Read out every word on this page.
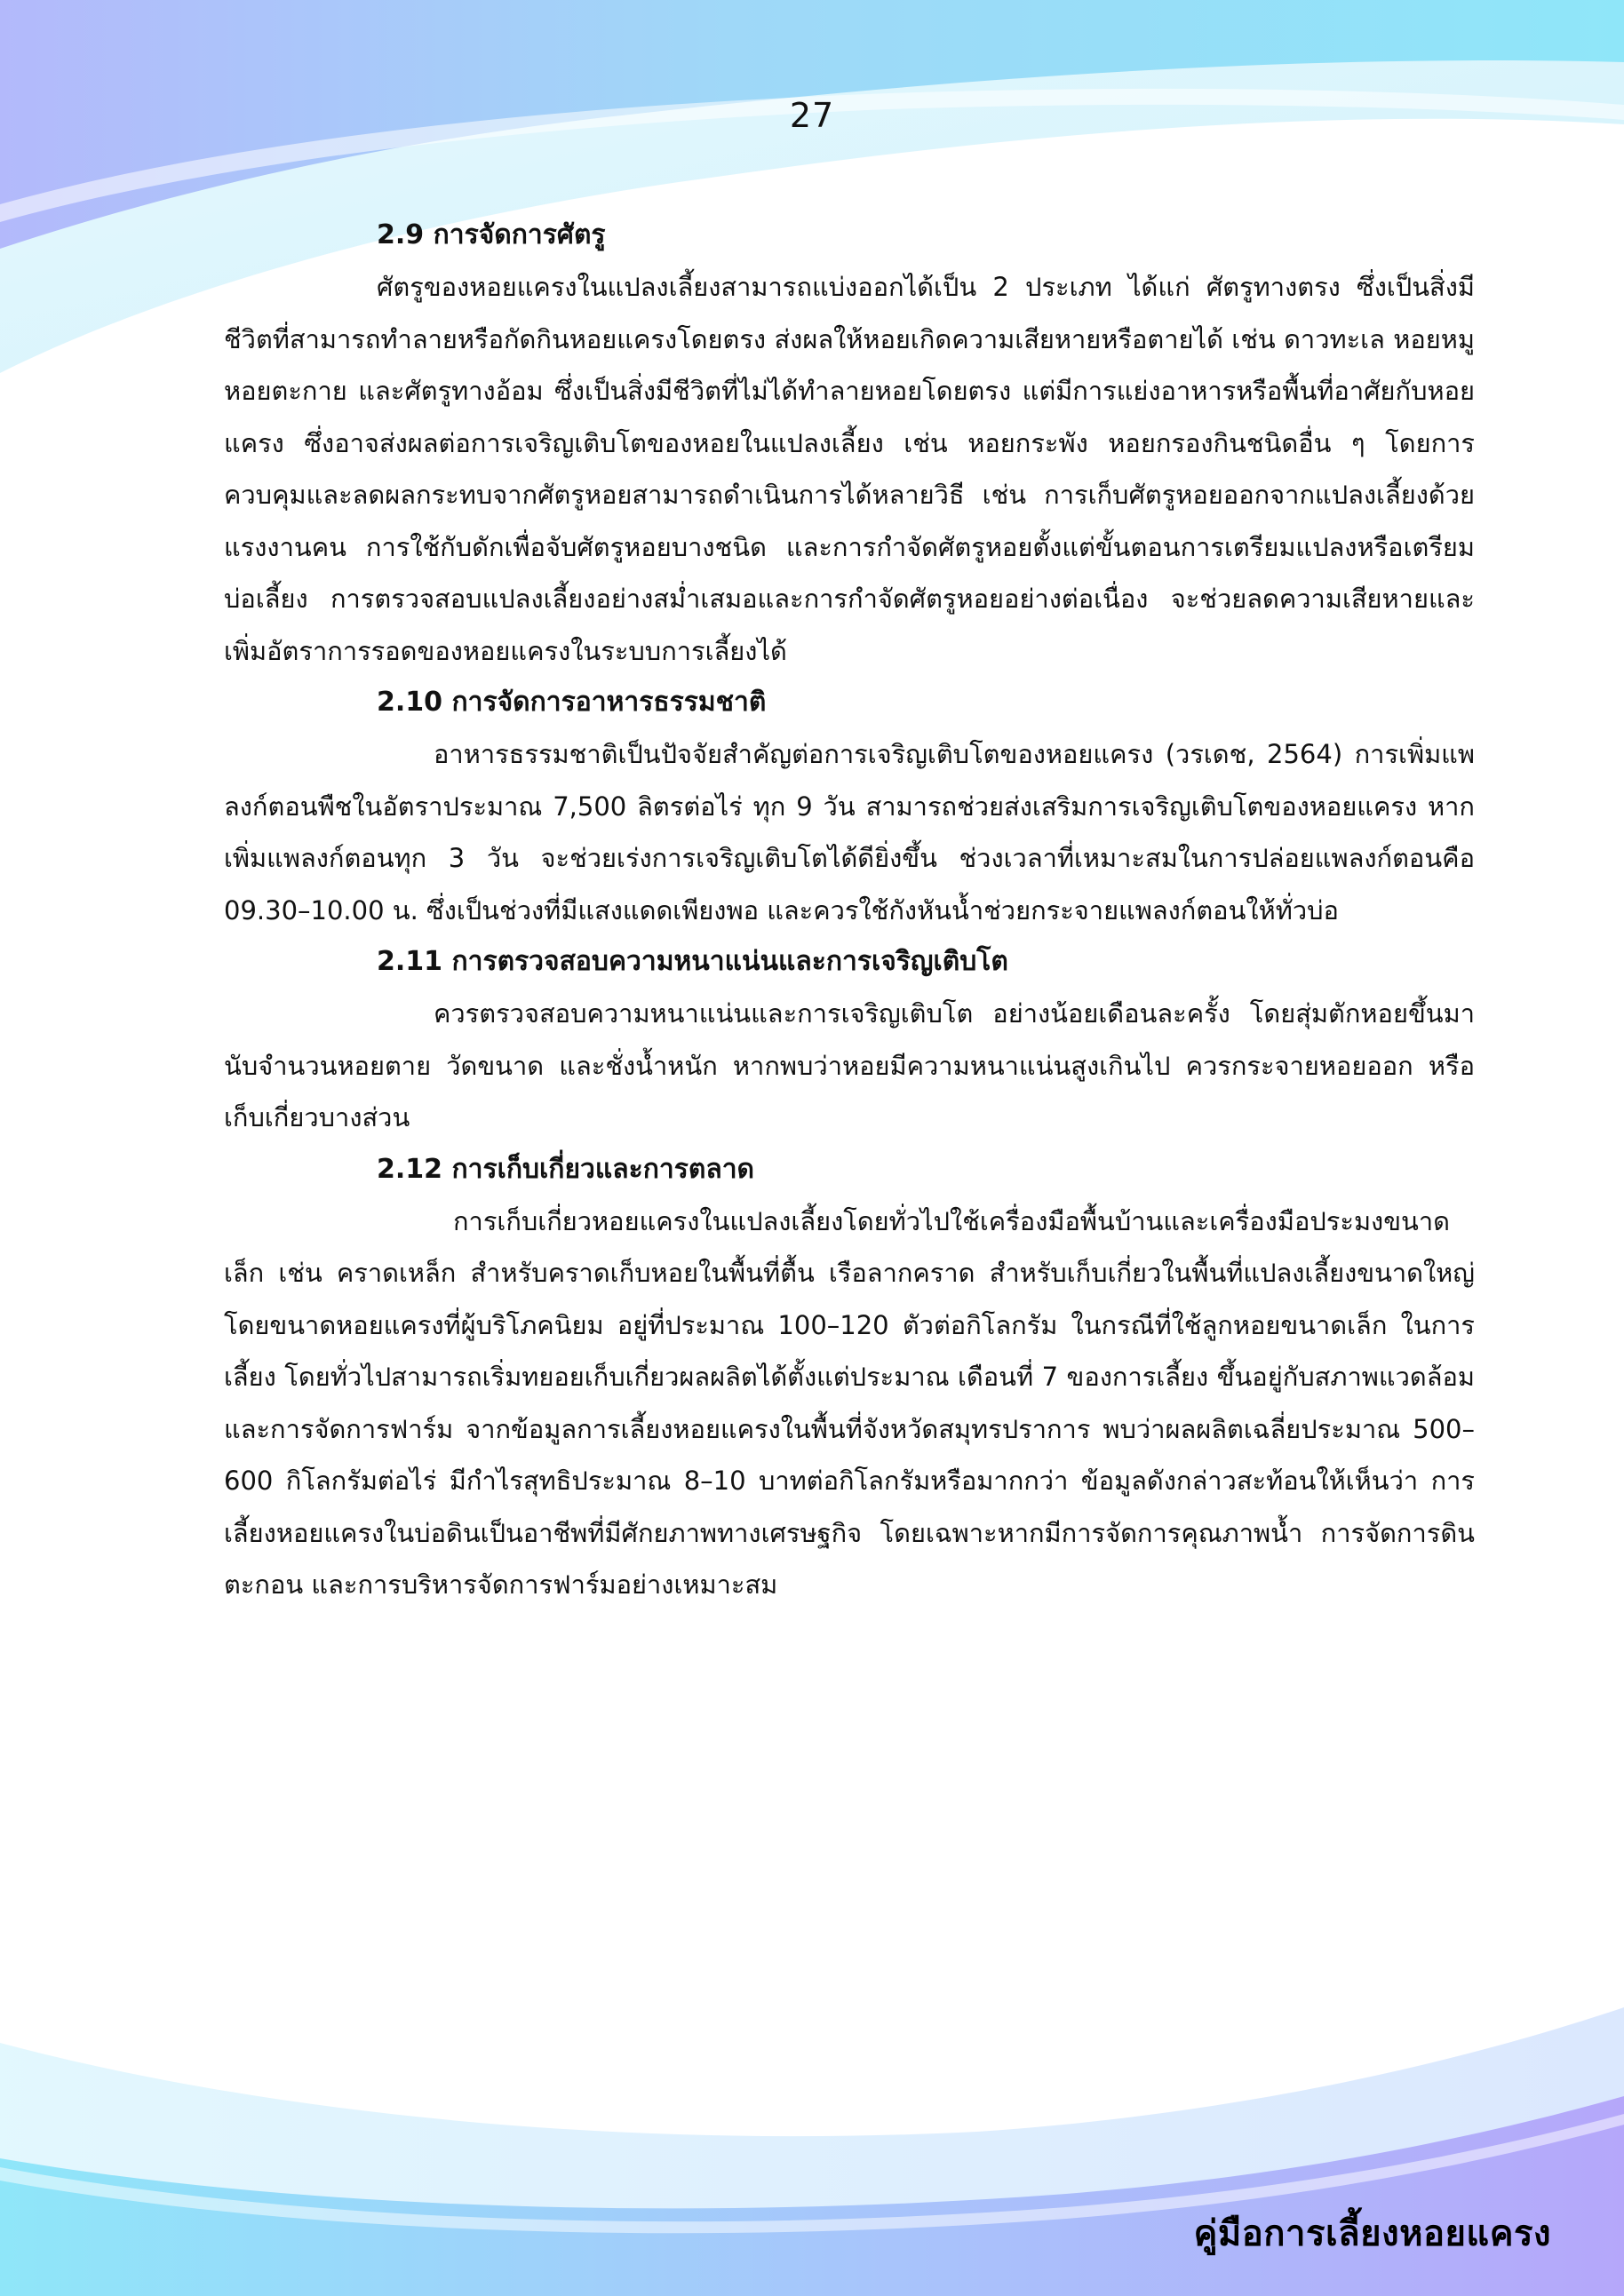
27

2.9 การจัดการศัตรู

ศัตรูของหอยแครงในแปลงเลี้ยงสามารถแบ่งออกได้เป็น 2 ประเภท ได้แก่ ศัตรูทางตรง ซึ่งเป็นสิ่งมีชีวิตที่สามารถทำลายหรือกัดกินหอยแครงโดยตรง ส่งผลให้หอยเกิดความเสียหายหรือตายได้ เช่น ดาวทะเล หอยหมู หอยตะกาย และศัตรูทางอ้อม ซึ่งเป็นสิ่งมีชีวิตที่ไม่ได้ทำลายหอยโดยตรง แต่มีการแย่งอาหารหรือพื้นที่อาศัยกับหอยแครง ซึ่งอาจส่งผลต่อการเจริญเติบโตของหอยในแปลงเลี้ยง เช่น หอยกระพัง หอยกรองกินชนิดอื่น ๆ โดยการควบคุมและลดผลกระทบจากศัตรูหอยสามารถดำเนินการได้หลายวิธี เช่น การเก็บศัตรูหอยออกจากแปลงเลี้ยงด้วยแรงงานคน การใช้กับดักเพื่อจับศัตรูหอยบางชนิด และการกำจัดศัตรูหอยตั้งแต่ขั้นตอนการเตรียมแปลงหรือเตรียมบ่อเลี้ยง การตรวจสอบแปลงเลี้ยงอย่างสม่ำเสมอและการกำจัดศัตรูหอยอย่างต่อเนื่อง จะช่วยลดความเสียหายและเพิ่มอัตราการรอดของหอยแครงในระบบการเลี้ยงได้

2.10 การจัดการอาหารธรรมชาติ

อาหารธรรมชาติเป็นปัจจัยสำคัญต่อการเจริญเติบโตของหอยแครง (วรเดช, 2564) การเพิ่มแพลงก์ตอนพืชในอัตราประมาณ 7,500 ลิตรต่อไร่ ทุก 9 วัน สามารถช่วยส่งเสริมการเจริญเติบโตของหอยแครง หากเพิ่มแพลงก์ตอนทุก 3 วัน จะช่วยเร่งการเจริญเติบโตได้ดียิ่งขึ้น ช่วงเวลาที่เหมาะสมในการปล่อยแพลงก์ตอนคือ 09.30–10.00 น. ซึ่งเป็นช่วงที่มีแสงแดดเพียงพอ และควรใช้กังหันน้ำช่วยกระจายแพลงก์ตอนให้ทั่วบ่อ

2.11 การตรวจสอบความหนาแน่นและการเจริญเติบโต

ควรตรวจสอบความหนาแน่นและการเจริญเติบโต อย่างน้อยเดือนละครั้ง โดยสุ่มตักหอยขึ้นมานับจำนวนหอยตาย วัดขนาด และชั่งน้ำหนัก หากพบว่าหอยมีความหนาแน่นสูงเกินไป ควรกระจายหอยออก หรือเก็บเกี่ยวบางส่วน

2.12 การเก็บเกี่ยวและการตลาด

การเก็บเกี่ยวหอยแครงในแปลงเลี้ยงโดยทั่วไปใช้เครื่องมือพื้นบ้านและเครื่องมือประมงขนาดเล็ก เช่น คราดเหล็ก สำหรับคราดเก็บหอยในพื้นที่ตื้น เรือลากคราด สำหรับเก็บเกี่ยวในพื้นที่แปลงเลี้ยงขนาดใหญ่ โดยขนาดหอยแครงที่ผู้บริโภคนิยม อยู่ที่ประมาณ 100–120 ตัวต่อกิโลกรัม ในกรณีที่ใช้ลูกหอยขนาดเล็ก ในการเลี้ยง โดยทั่วไปสามารถเริ่มทยอยเก็บเกี่ยวผลผลิตได้ตั้งแต่ประมาณ เดือนที่ 7 ของการเลี้ยง ขึ้นอยู่กับสภาพแวดล้อมและการจัดการฟาร์ม จากข้อมูลการเลี้ยงหอยแครงในพื้นที่จังหวัดสมุทรปราการ พบว่าผลผลิตเฉลี่ยประมาณ 500–600 กิโลกรัมต่อไร่ มีกำไรสุทธิประมาณ 8–10 บาทต่อกิโลกรัมหรือมากกว่า ข้อมูลดังกล่าวสะท้อนให้เห็นว่า การเลี้ยงหอยแครงในบ่อดินเป็นอาชีพที่มีศักยภาพทางเศรษฐกิจ โดยเฉพาะหากมีการจัดการคุณภาพน้ำ การจัดการดินตะกอน และการบริหารจัดการฟาร์มอย่างเหมาะสม

คู่มือการเลี้ยงหอยแครง
